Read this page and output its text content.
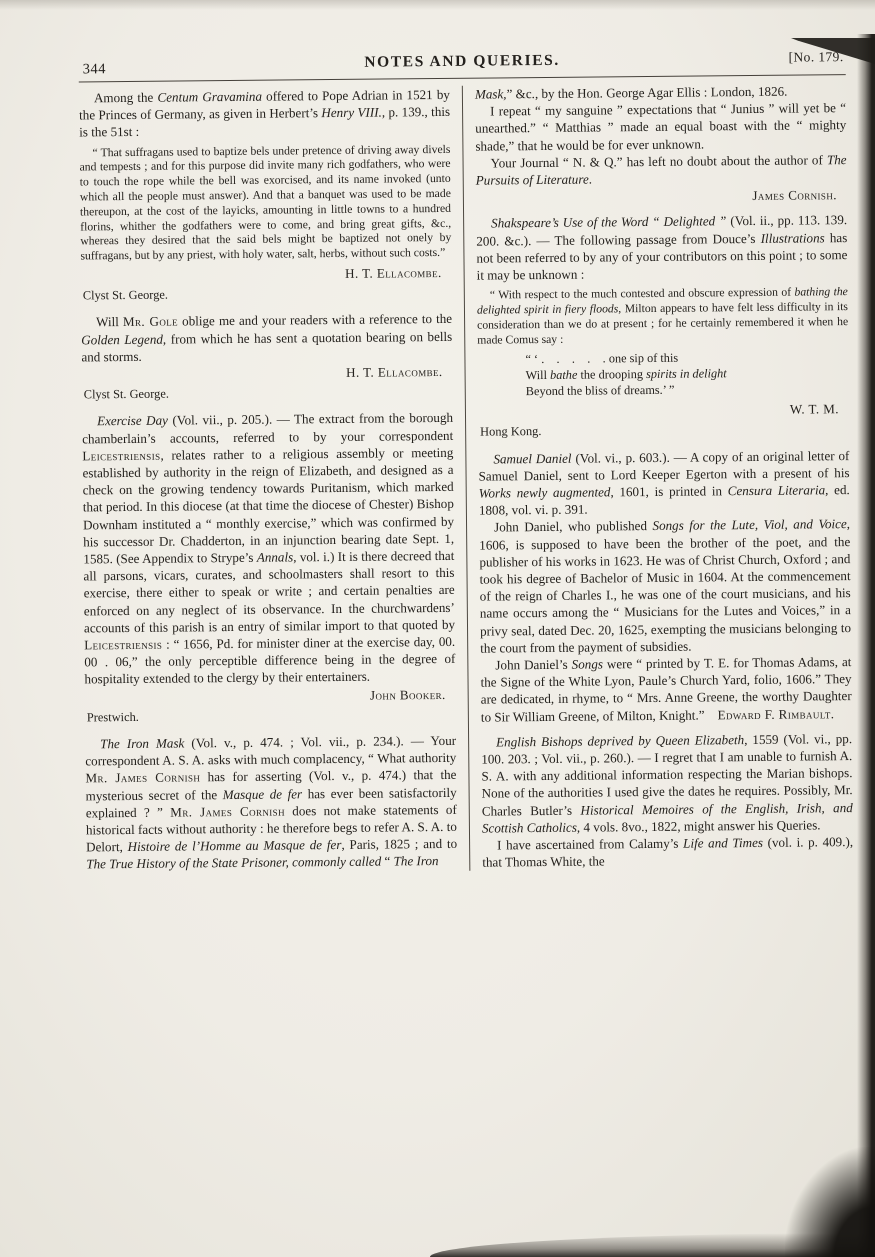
344	NOTES AND QUERIES.	[No. 179.
Among the Centum Gravamina offered to Pope Adrian in 1521 by the Princes of Germany, as given in Herbert’s Henry VIII., p. 139., this is the 51st :
“ That suffragans used to baptize bels under pretence of driving away divels and tempests ; and for this purpose did invite many rich godfathers, who were to touch the rope while the bell was exorcised, and its name invoked (unto which all the people must answer). And that a banquet was used to be made thereupon, at the cost of the layicks, amounting in little towns to a hundred florins, whither the godfathers were to come, and bring great gifts, &c., whereas they desired that the said bels might be baptized not onely by suffragans, but by any priest, with holy water, salt, herbs, without such costs.”
H. T. Ellacombe.
Clyst St. George.
Will Mr. Gole oblige me and your readers with a reference to the Golden Legend, from which he has sent a quotation bearing on bells and storms.
H. T. Ellacombe.
Clyst St. George.
Exercise Day (Vol. vii., p. 205.). — The extract from the borough chamberlain’s accounts, referred to by your correspondent Leicestriensis, relates rather to a religious assembly or meeting established by authority in the reign of Elizabeth, and designed as a check on the growing tendency towards Puritanism, which marked that period. In this diocese (at that time the diocese of Chester) Bishop Downham instituted a “ monthly exercise,” which was confirmed by his successor Dr. Chadderton, in an injunction bearing date Sept. 1, 1585. (See Appendix to Strype’s Annals, vol. i.) It is there decreed that all parsons, vicars, curates, and schoolmasters shall resort to this exercise, there either to speak or write ; and certain penalties are enforced on any neglect of its observance. In the churchwardens’ accounts of this parish is an entry of similar import to that quoted by Leicestriensis : “ 1656, Pd. for minister diner at the exercise day, 00. 00 . 06,” the only perceptible difference being in the degree of hospitality extended to the clergy by their entertainers.
John Booker.
Prestwich.
The Iron Mask (Vol. v., p. 474. ; Vol. vii., p. 234.). — Your correspondent A. S. A. asks with much complacency, “ What authority Mr. James Cornish has for asserting (Vol. v., p. 474.) that the mysterious secret of the Masque de fer has ever been satisfactorily explained ? ” Mr. James Cornish does not make statements of historical facts without authority : he therefore begs to refer A. S. A. to Delort, Histoire de l’Homme au Masque de fer, Paris, 1825 ; and to The True History of the State Prisoner, commonly called “ The Iron
Mask,” &c., by the Hon. George Agar Ellis : London, 1826.
I repeat “ my sanguine ” expectations that “ Junius ” will yet be “ unearthed.” “ Matthias ” made an equal boast with the “ mighty shade,” that he would be for ever unknown.
Your Journal “ N. & Q.” has left no doubt about the author of The Pursuits of Literature.
James Cornish.
Shakspeare’s Use of the Word “ Delighted ” (Vol. ii., pp. 113. 139. 200. &c.). — The following passage from Douce’s Illustrations has not been referred to by any of your contributors on this point ; to some it may be unknown :
“ With respect to the much contested and obscure expression of bathing the delighted spirit in fiery floods, Milton appears to have felt less difficulty in its consideration than we do at present ; for he certainly remembered it when he made Comus say :
“ ‘ .  .  .  .  . one sip of this
Will bathe the drooping spirits in delight
Beyond the bliss of dreams.’ ”
W. T. M.
Hong Kong.
Samuel Daniel (Vol. vi., p. 603.). — A copy of an original letter of Samuel Daniel, sent to Lord Keeper Egerton with a present of his Works newly augmented, 1601, is printed in Censura Literaria, ed. 1808, vol. vi. p. 391.
John Daniel, who published Songs for the Lute, Viol, and Voice, 1606, is supposed to have been the brother of the poet, and the publisher of his works in 1623. He was of Christ Church, Oxford ; and took his degree of Bachelor of Music in 1604. At the commencement of the reign of Charles I., he was one of the court musicians, and his name occurs among the “ Musicians for the Lutes and Voices,” in a privy seal, dated Dec. 20, 1625, exempting the musicians belonging to the court from the payment of subsidies.
John Daniel’s Songs were “ printed by T. E. for Thomas Adams, at the Signe of the White Lyon, Paule’s Church Yard, folio, 1606.” They are dedicated, in rhyme, to “ Mrs. Anne Greene, the worthy Daughter to Sir William Greene, of Milton, Knight.” Edward F. Rimbault.
English Bishops deprived by Queen Elizabeth, 1559 (Vol. vi., pp. 100. 203. ; Vol. vii., p. 260.). — I regret that I am unable to furnish A. S. A. with any additional information respecting the Marian bishops. None of the authorities I used give the dates he requires. Possibly, Mr. Charles Butler’s Historical Memoires of the English, Irish, and Scottish Catholics, 4 vols. 8vo., 1822, might answer his Queries.
I have ascertained from Calamy’s Life and Times (vol. i. p. 409.), that Thomas White, the
